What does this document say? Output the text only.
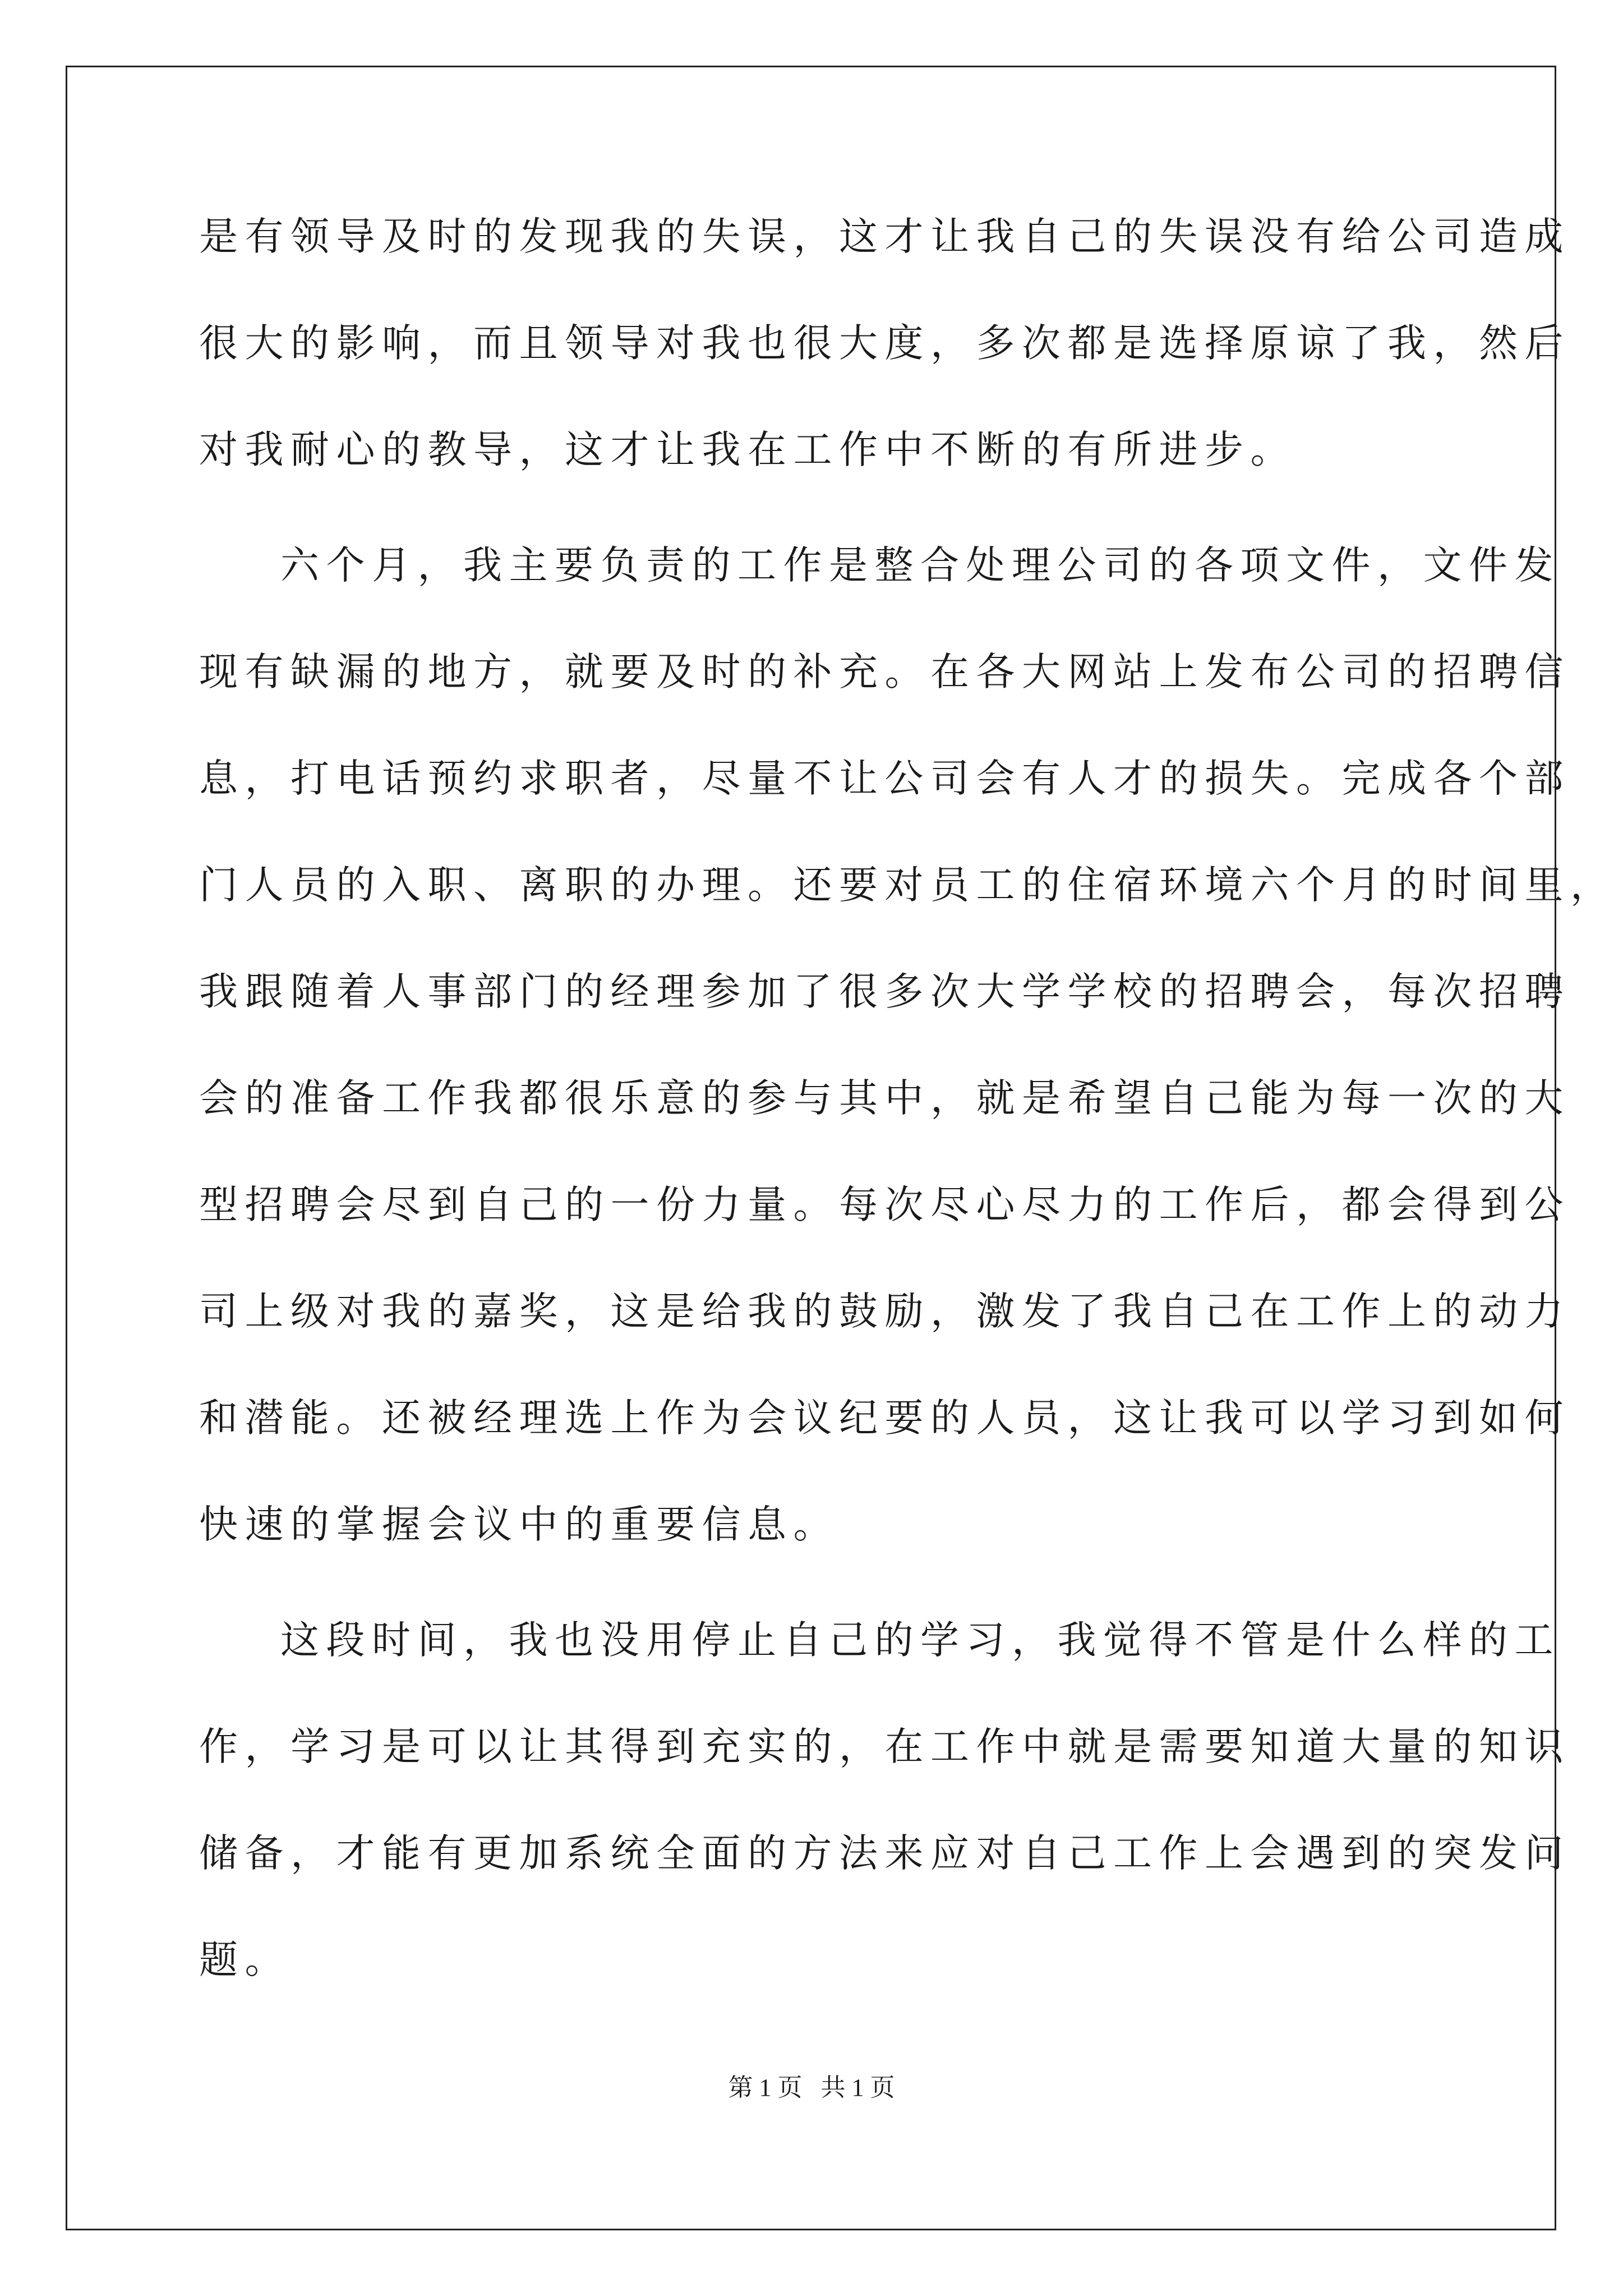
是有领导及时的发现我的失误，这才让我自己的失误没有给公司造成
很大的影响，而且领导对我也很大度，多次都是选择原谅了我，然后
对我耐心的教导，这才让我在工作中不断的有所进步。
六个月，我主要负责的工作是整合处理公司的各项文件，文件发
现有缺漏的地方，就要及时的补充。在各大网站上发布公司的招聘信
息，打电话预约求职者，尽量不让公司会有人才的损失。完成各个部
门人员的入职、离职的办理。还要对员工的住宿环境六个月的时间里，
我跟随着人事部门的经理参加了很多次大学学校的招聘会，每次招聘
会的准备工作我都很乐意的参与其中，就是希望自己能为每一次的大
型招聘会尽到自己的一份力量。每次尽心尽力的工作后，都会得到公
司上级对我的嘉奖，这是给我的鼓励，激发了我自己在工作上的动力
和潜能。还被经理选上作为会议纪要的人员，这让我可以学习到如何
快速的掌握会议中的重要信息。
这段时间，我也没用停止自己的学习，我觉得不管是什么样的工
作，学习是可以让其得到充实的，在工作中就是需要知道大量的知识
储备，才能有更加系统全面的方法来应对自己工作上会遇到的突发问
题。
第 1 页   共 1 页
